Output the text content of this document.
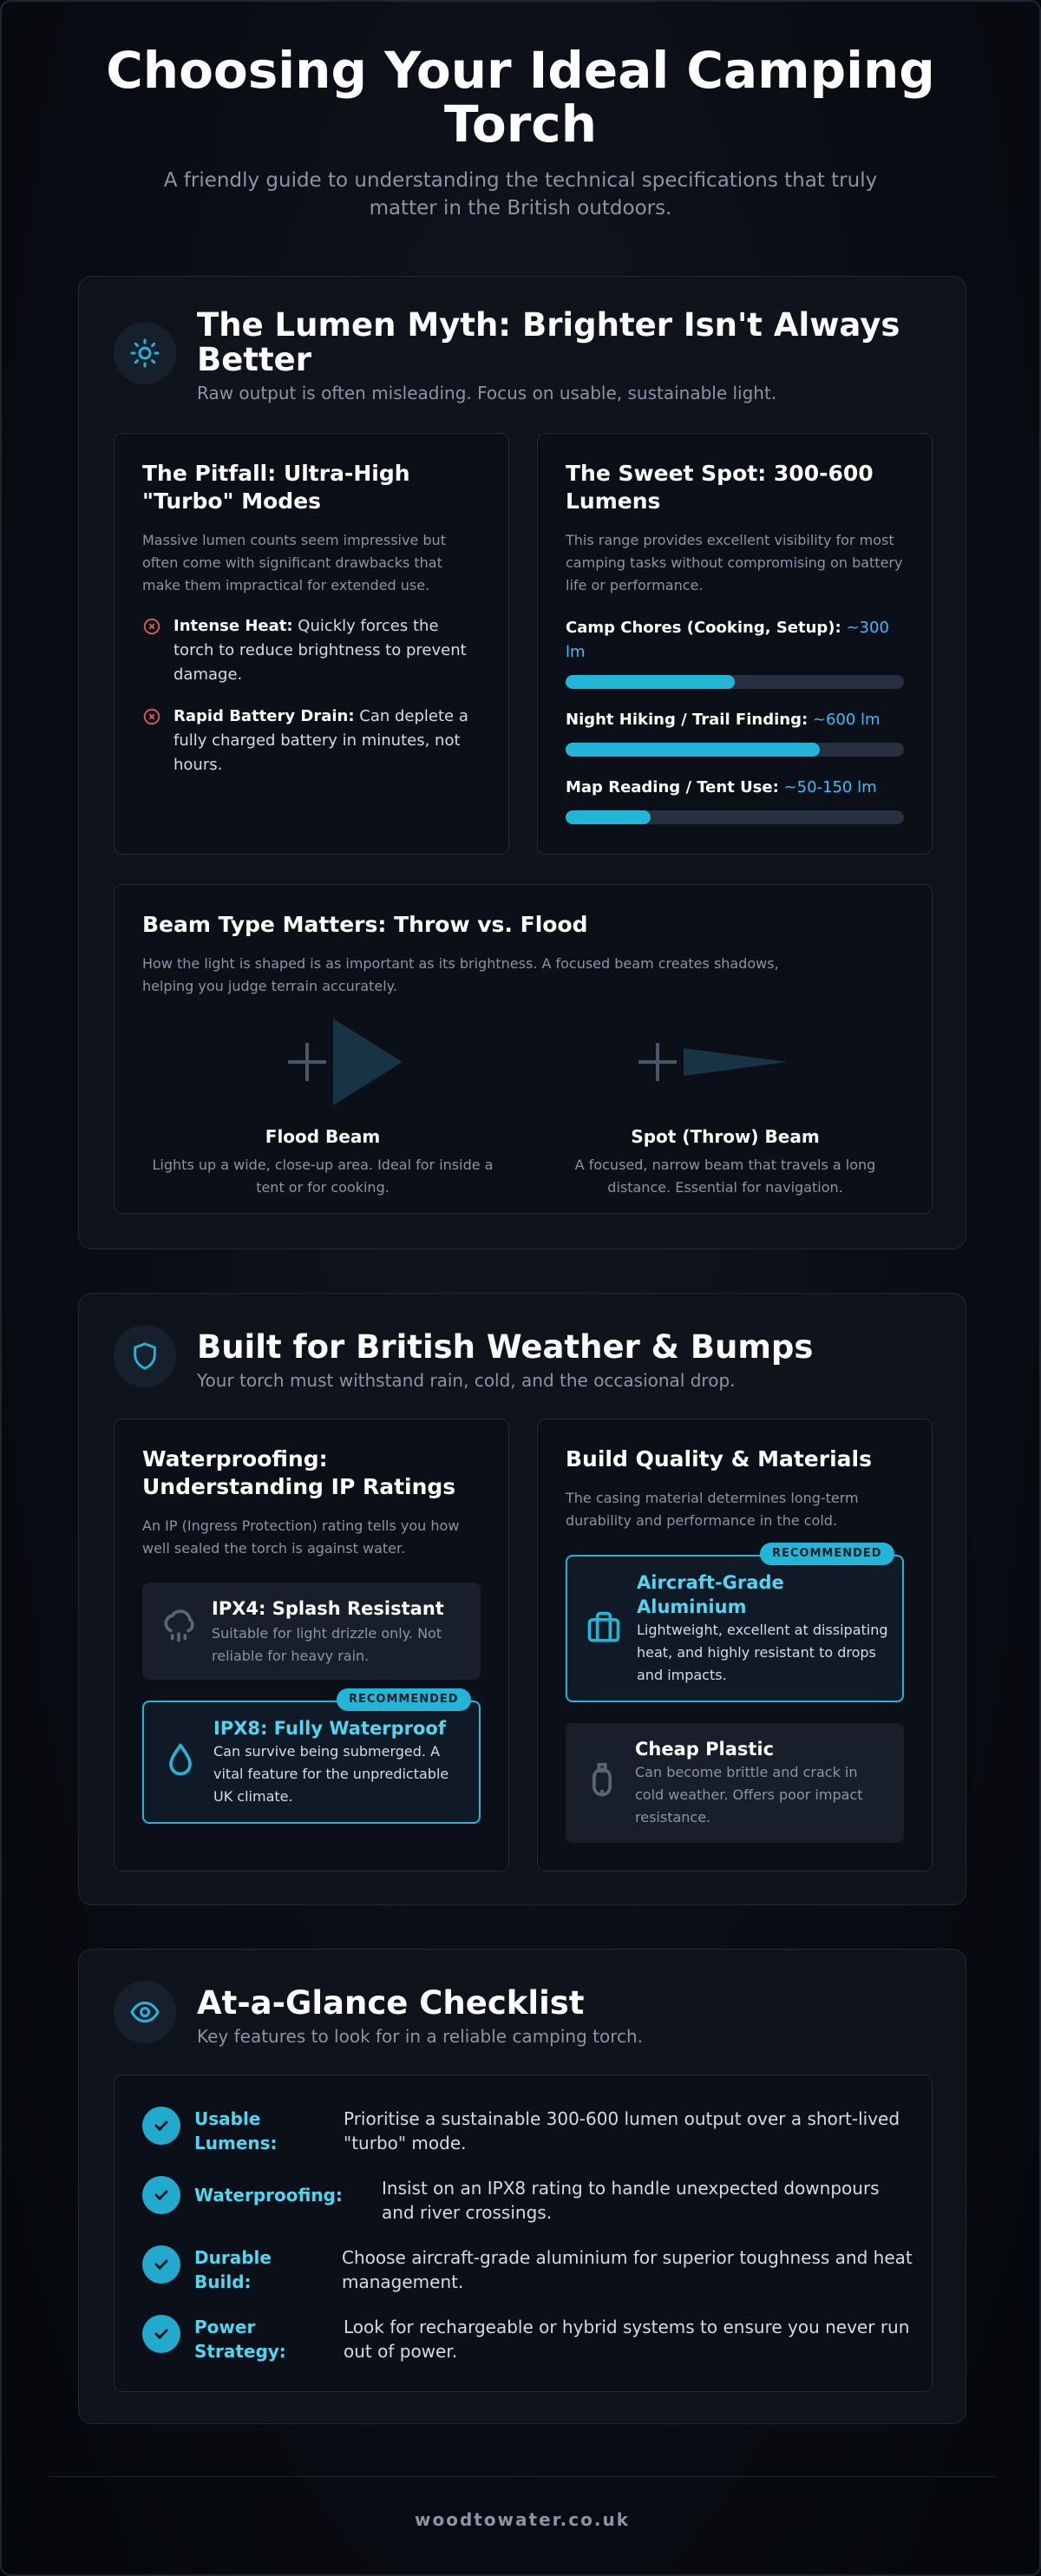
Choosing Your Ideal Camping Torch

A friendly guide to understanding the technical specifications that truly matter in the British outdoors.

The Lumen Myth: Brighter Isn't Always Better
Raw output is often misleading. Focus on usable, sustainable light.
The Pitfall: Ultra-High "Turbo" Modes
Massive lumen counts seem impressive but often come with significant drawbacks that make them impractical for extended use.

Intense Heat: Quickly forces the torch to reduce brightness to prevent damage.

Rapid Battery Drain: Can deplete a fully charged battery in minutes, not hours.

The Sweet Spot: 300-600 Lumens
This range provides excellent visibility for most camping tasks without compromising on battery life or performance.
Camp Chores (Cooking, Setup): ~300 lm
Night Hiking / Trail Finding: ~600 lm
Map Reading / Tent Use: ~50-150 lm
Beam Type Matters: Throw vs. Flood
How the light is shaped is as important as its brightness. A focused beam creates shadows, helping you judge terrain accurately.
Flood Beam
Lights up a wide, close-up area. Ideal for inside a tent or for cooking.
Spot (Throw) Beam
A focused, narrow beam that travels a long distance. Essential for navigation.
Built for British Weather & Bumps
Your torch must withstand rain, cold, and the occasional drop.
Waterproofing: Understanding IP Ratings
An IP (Ingress Protection) rating tells you how well sealed the torch is against water.
IPX4: Splash Resistant
Suitable for light drizzle only. Not reliable for heavy rain.
IPX8: Fully Waterproof
Can survive being submerged. A vital feature for the unpredictable UK climate.
RECOMMENDED
Build Quality & Materials
The casing material determines long-term durability and performance in the cold.
Aircraft-Grade Aluminium
Lightweight, excellent at dissipating heat, and highly resistant to drops and impacts.
RECOMMENDED
Cheap Plastic
Can become brittle and crack in cold weather. Offers poor impact resistance.
At-a-Glance Checklist
Key features to look for in a reliable camping torch.
Usable Lumens:
Prioritise a sustainable 300-600 lumen output over a short-lived "turbo" mode.
Waterproofing:	Insist on an IPX8 rating to handle unexpected downpours and river crossings.
Durable Build:
Choose aircraft-grade aluminium for superior toughness and heat management.
Power Strategy:
Look for rechargeable or hybrid systems to ensure you never run out of power.
woodtowater.co.uk
